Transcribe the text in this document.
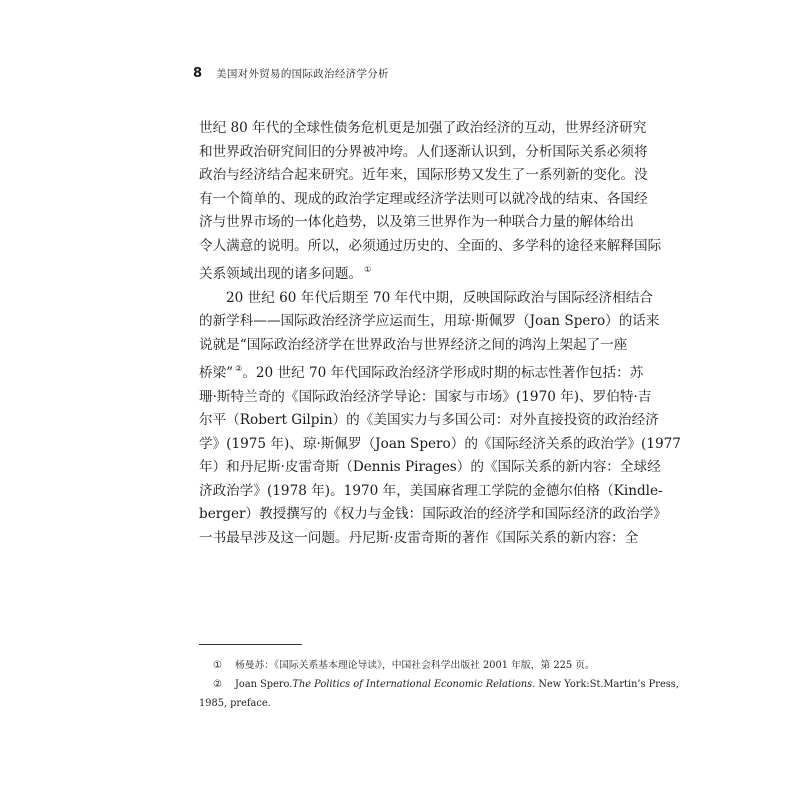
8 美国对外贸易的国际政治经济学分析
世纪 80 年代的全球性债务危机更是加强了政治经济的互动，世界经济研究
和世界政治研究间旧的分界被冲垮。人们逐渐认识到，分析国际关系必须将
政治与经济结合起来研究。近年来，国际形势又发生了一系列新的变化。没
有一个简单的、现成的政治学定理或经济学法则可以就冷战的结束、各国经
济与世界市场的一体化趋势，以及第三世界作为一种联合力量的解体给出
令人满意的说明。所以，必须通过历史的、全面的、多学科的途径来解释国际
关系领域出现的诸多问题。 ①
20 世纪 60 年代后期至 70 年代中期，反映国际政治与国际经济相结合
的新学科——国际政治经济学应运而生，用琼·斯佩罗（Joan Spero）的话来
说就是“国际政治经济学在世界政治与世界经济之间的鸿沟上架起了一座
桥梁” ②。20 世纪 70 年代国际政治经济学形成时期的标志性著作包括：苏
珊·斯特兰奇的《国际政治经济学导论：国家与市场》(1970 年)、罗伯特·吉
尔平（Robert Gilpin）的《美国实力与多国公司：对外直接投资的政治经济
学》(1975 年)、琼·斯佩罗（Joan Spero）的《国际经济关系的政治学》(1977
年）和丹尼斯·皮雷奇斯（Dennis Pirages）的《国际关系的新内容：全球经
济政治学》(1978 年)。1970 年，美国麻省理工学院的金德尔伯格（Kindle-
berger）教授撰写的《权力与金钱：国际政治的经济学和国际经济的政治学》
一书最早涉及这一问题。丹尼斯·皮雷奇斯的著作《国际关系的新内容：全
① 杨曼苏：《国际关系基本理论导读》，中国社会科学出版社 2001 年版，第 225 页。
② Joan Spero.The Politics of International Economic Relations. New York:St.Martin’s Press,
1985, preface.
